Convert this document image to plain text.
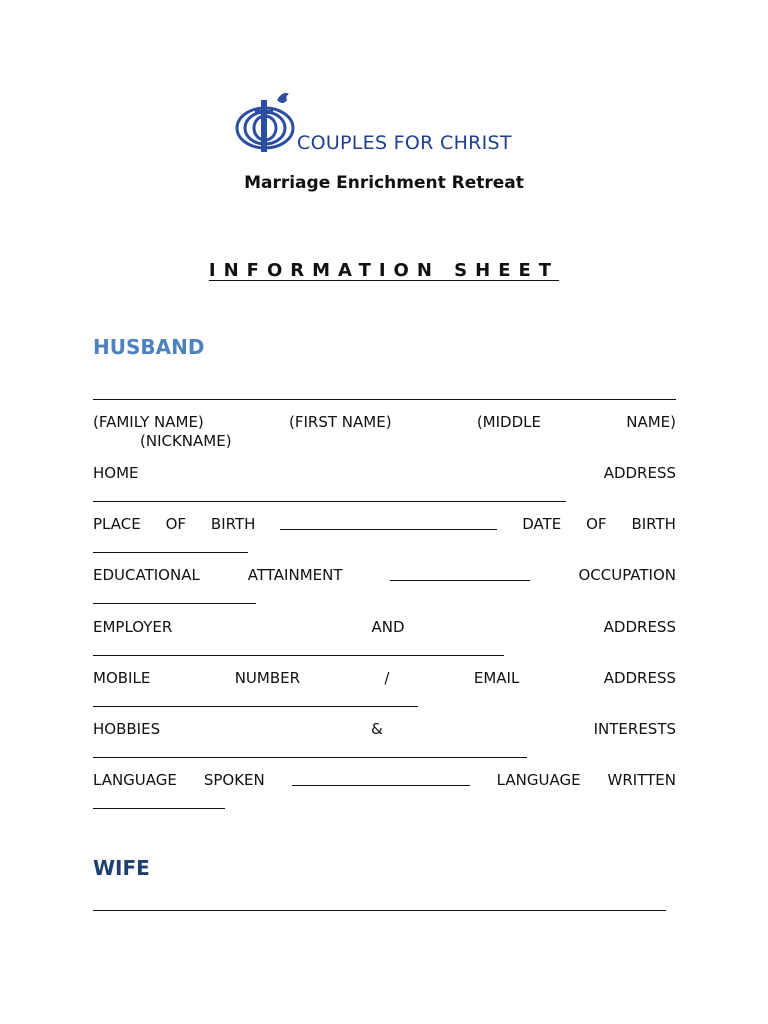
COUPLES FOR CHRIST
Marriage Enrichment Retreat
INFORMATION SHEET
HUSBAND
(FAMILY NAME)	(FIRST NAME)	(MIDDLE	NAME)
(NICKNAME)
HOME	ADDRESS
PLACE OF BIRTH	DATE OF BIRTH
EDUCATIONAL	ATTAINMENT	OCCUPATION
EMPLOYER	AND	ADDRESS
MOBILE	NUMBER	/	EMAIL	ADDRESS
HOBBIES	&	INTERESTS
LANGUAGE SPOKEN	LANGUAGE WRITTEN
WIFE
